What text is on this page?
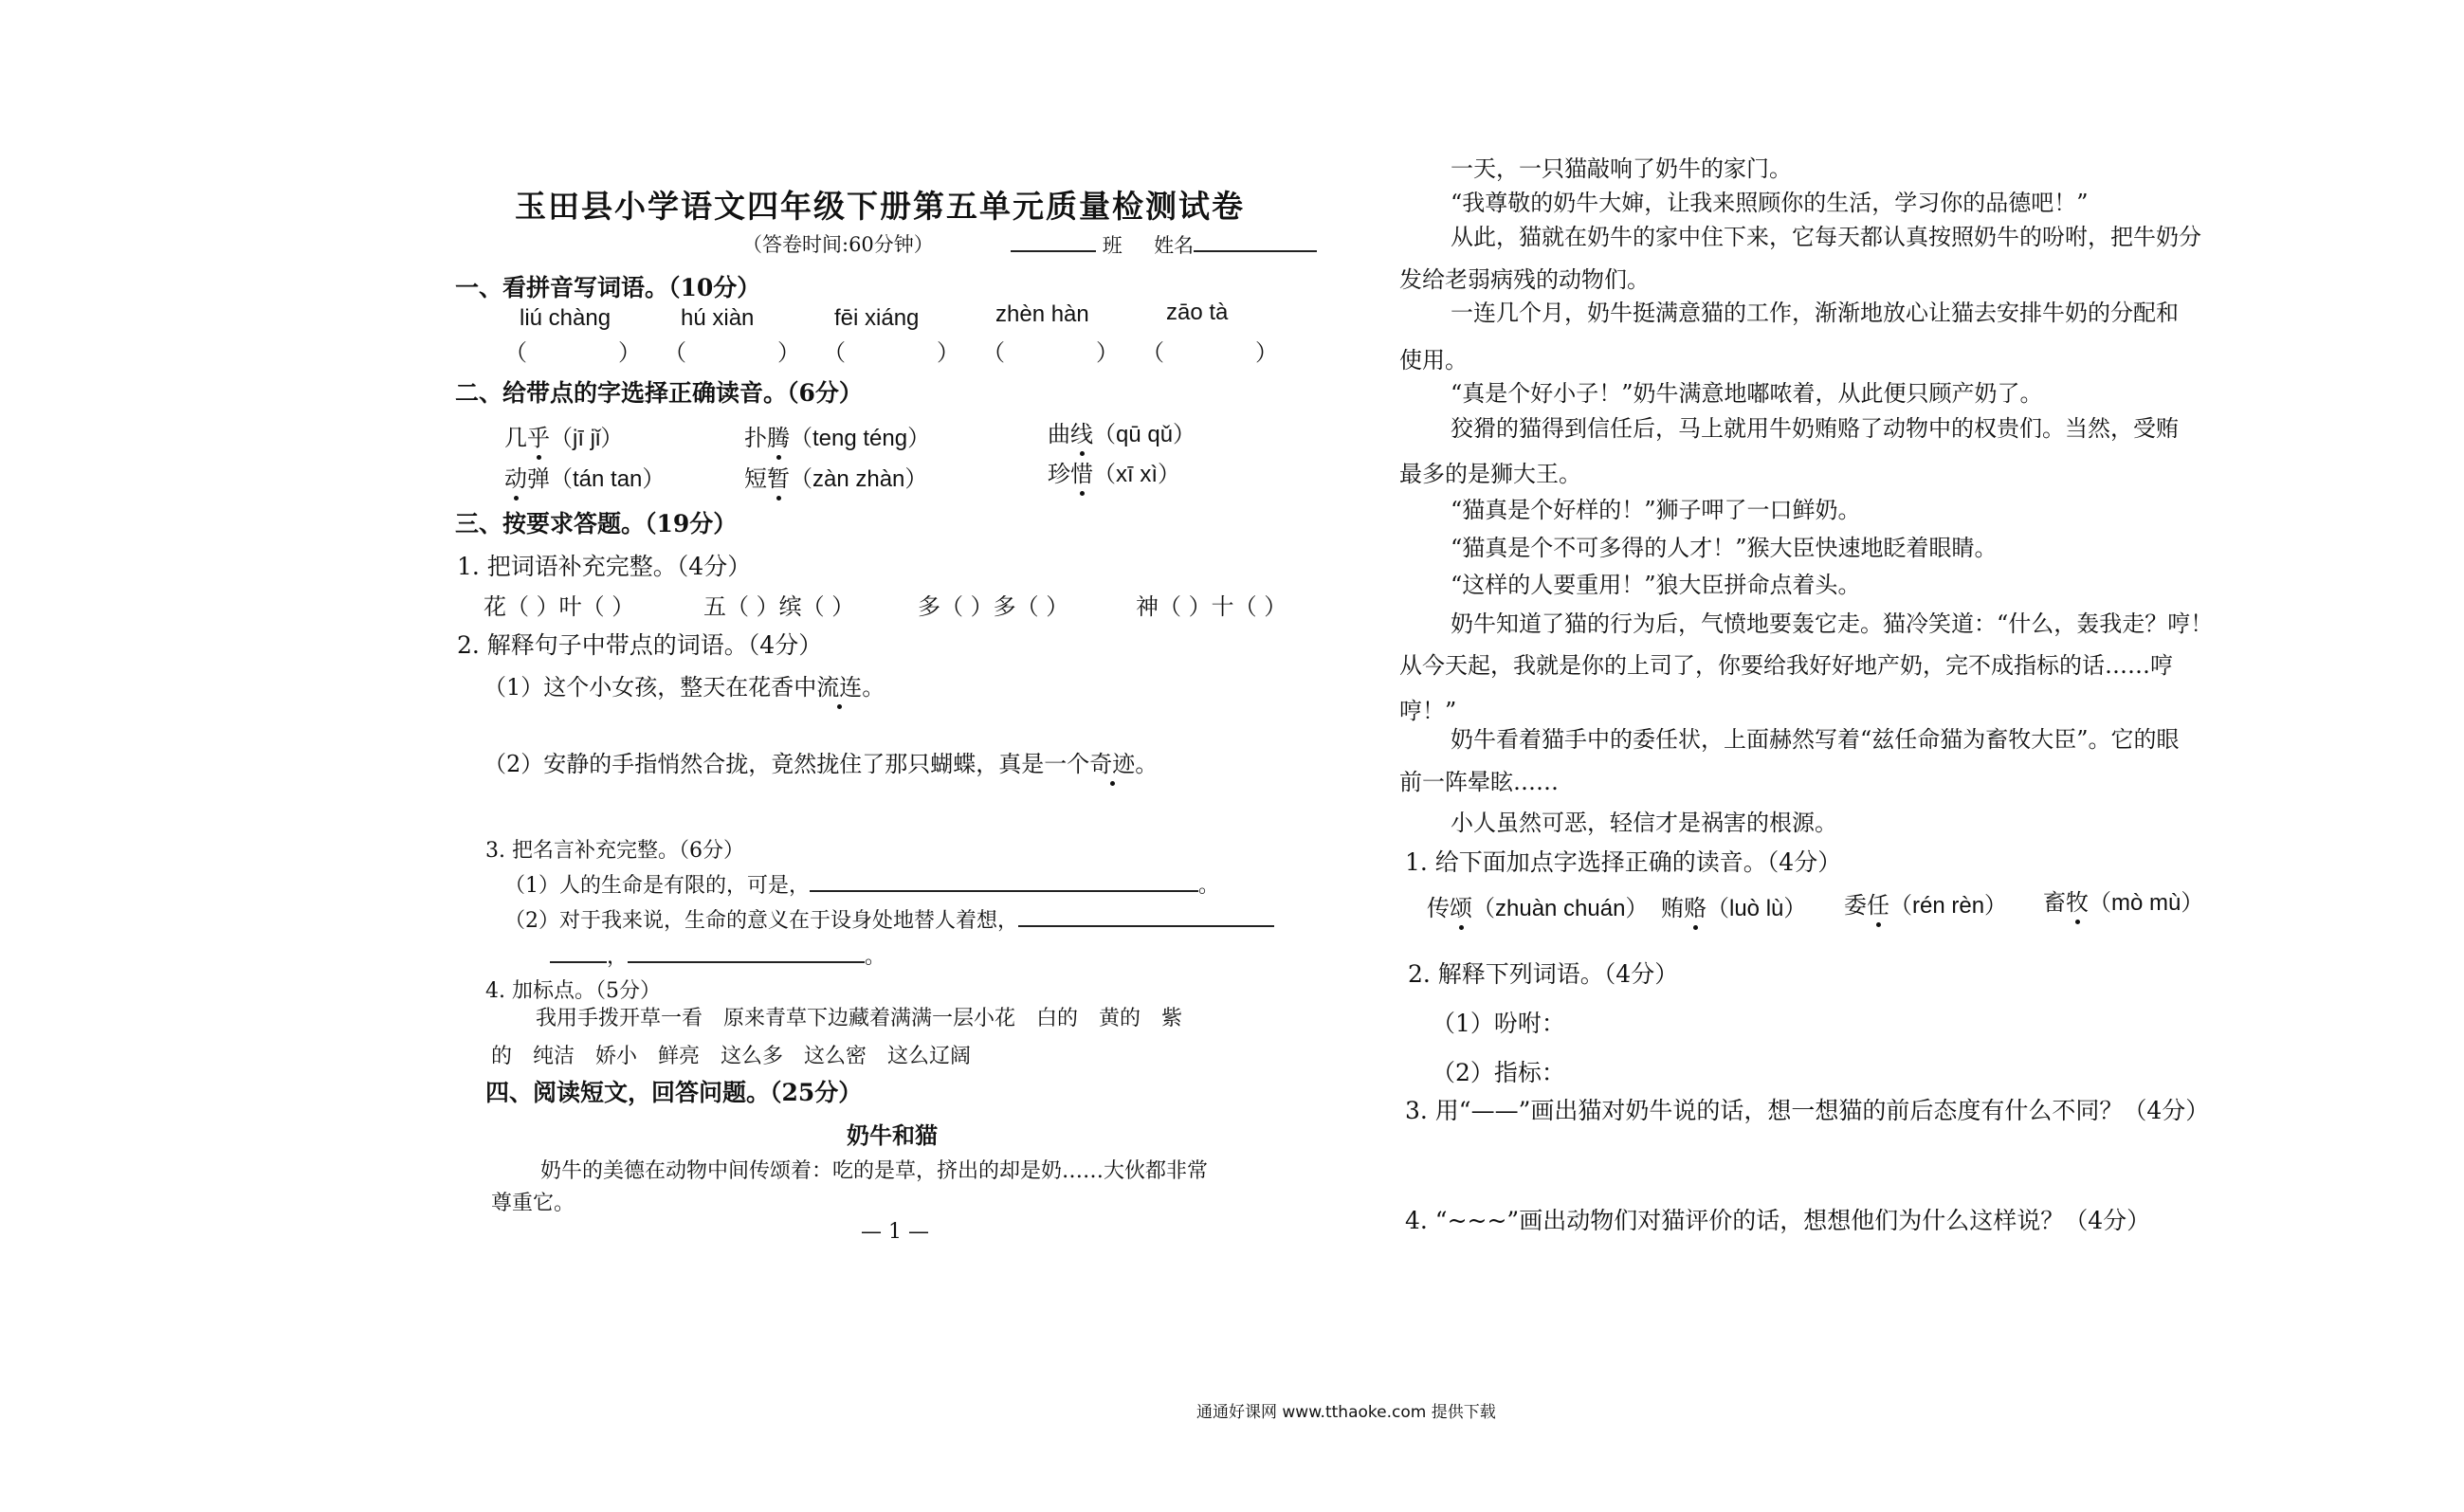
玉田县小学语文四年级下册第五单元质量检测试卷
（答卷时间:60分钟）	班 姓名
一、看拼音写词语。（10分）
liú chàng	hú xiàn	fēi xiáng	zhèn hàn	zāo tà
（　　　　） （　　　　） （　　　　） （　　　　） （　　　　）
二、给带点的字选择正确读音。（6分）
几乎（jī jǐ）	扑腾（teng téng）	曲线（qū qǔ）
动弹（tán tan）	短暂（zàn zhàn）	珍惜（xī xì）
三、按要求答题。（19分）
1. 把词语补充完整。（4分）
花（ ）叶（ ）	五（ ）缤（ ）	多（ ）多（ ）	神（ ）十（ ）
2. 解释句子中带点的词语。（4分）
（1）这个小女孩，整天在花香中流连。
（2）安静的手指悄然合拢，竟然拢住了那只蝴蝶，真是一个奇迹。
3. 把名言补充完整。（6分）
（1）人的生命是有限的，可是，	。
（2）对于我来说，生命的意义在于设身处地替人着想，
，	。
4. 加标点。（5分）
我用手拨开草一看　原来青草下边藏着满满一层小花　白的　黄的　紫
的　纯洁　娇小　鲜亮　这么多　这么密　这么辽阔
四、阅读短文，回答问题。（25分）
奶牛和猫
奶牛的美德在动物中间传颂着：吃的是草，挤出的却是奶……大伙都非常
尊重它。
— 1 —
一天，一只猫敲响了奶牛的家门。
“我尊敬的奶牛大婶，让我来照顾你的生活，学习你的品德吧！”
从此，猫就在奶牛的家中住下来，它每天都认真按照奶牛的吩咐，把牛奶分
发给老弱病残的动物们。
一连几个月，奶牛挺满意猫的工作，渐渐地放心让猫去安排牛奶的分配和
使用。
“真是个好小子！”奶牛满意地嘟哝着，从此便只顾产奶了。
狡猾的猫得到信任后，马上就用牛奶贿赂了动物中的权贵们。当然，受贿
最多的是狮大王。
“猫真是个好样的！”狮子呷了一口鲜奶。
“猫真是个不可多得的人才！”猴大臣快速地眨着眼睛。
“这样的人要重用！”狼大臣拼命点着头。
奶牛知道了猫的行为后，气愤地要轰它走。猫冷笑道：“什么，轰我走？哼！
从今天起，我就是你的上司了，你要给我好好地产奶，完不成指标的话……哼
哼！”
奶牛看着猫手中的委任状，上面赫然写着“兹任命猫为畜牧大臣”。它的眼
前一阵晕眩……
小人虽然可恶，轻信才是祸害的根源。
1. 给下面加点字选择正确的读音。（4分）
传颂（zhuàn chuán） 贿赂（luò lù） 委任（rén rèn） 畜牧（mò mù）
2. 解释下列词语。（4分）
（1）吩咐：
（2）指标：
3. 用“——”画出猫对奶牛说的话，想一想猫的前后态度有什么不同？（4分）
4. “~~~”画出动物们对猫评价的话，想想他们为什么这样说？（4分）
通通好课网 www.tthaoke.com 提供下载
